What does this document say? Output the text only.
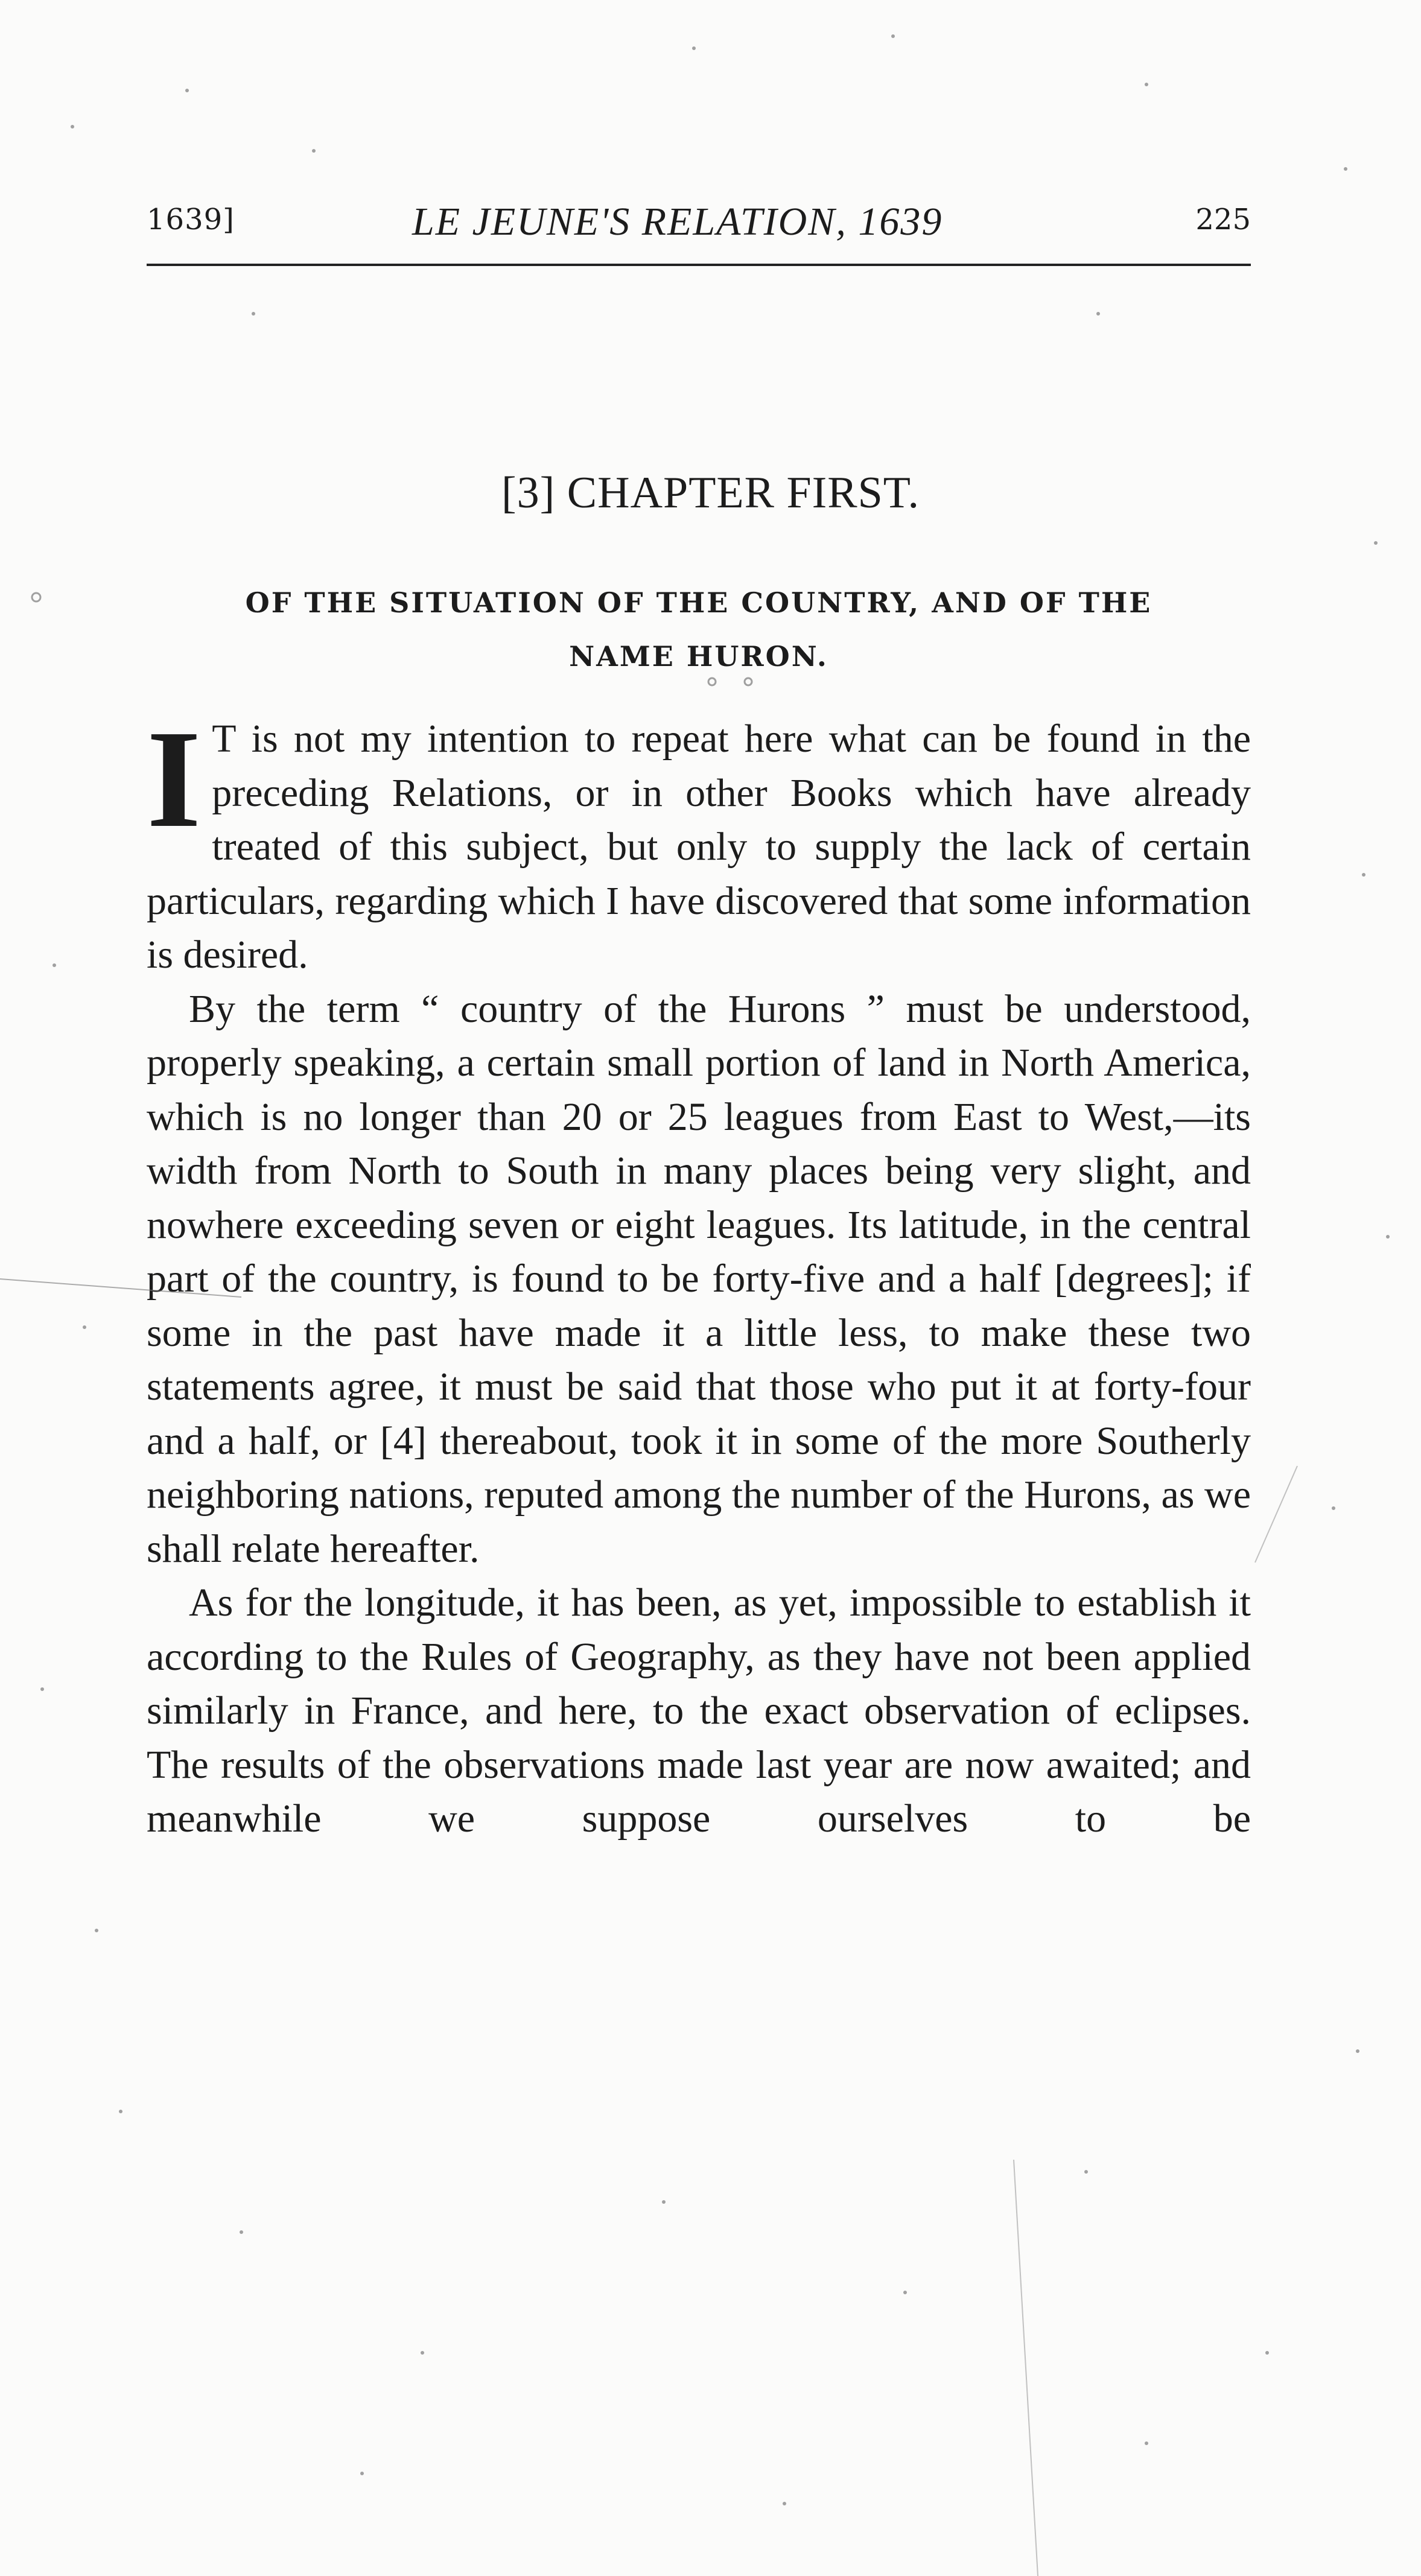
1639]	LE JEUNE'S RELATION, 1639	225
[3] CHAPTER FIRST.
OF THE SITUATION OF THE COUNTRY, AND OF THE
NAME HURON.

I T is not my intention to repeat here what can be found in the preceding Relations, or in other Books which have already treated of this subject, but only to supply the lack of certain particulars, regarding which I have discovered that some information is desired.

By the term “ country of the Hurons ” must be understood, properly speaking, a certain small portion of land in North America, which is no longer than 20 or 25 leagues from East to West,—its width from North to South in many places being very slight, and nowhere exceeding seven or eight leagues. Its latitude, in the central part of the country, is found to be forty-five and a half [degrees]; if some in the past have made it a little less, to make these two statements agree, it must be said that those who put it at forty-four and a half, or [4] thereabout, took it in some of the more Southerly neighboring nations, reputed among the number of the Hurons, as we shall relate hereafter.

As for the longitude, it has been, as yet, impossible to establish it according to the Rules of Geography, as they have not been applied similarly in France, and here, to the exact observation of eclipses. The results of the observations made last year are now awaited; and meanwhile we suppose ourselves to be
